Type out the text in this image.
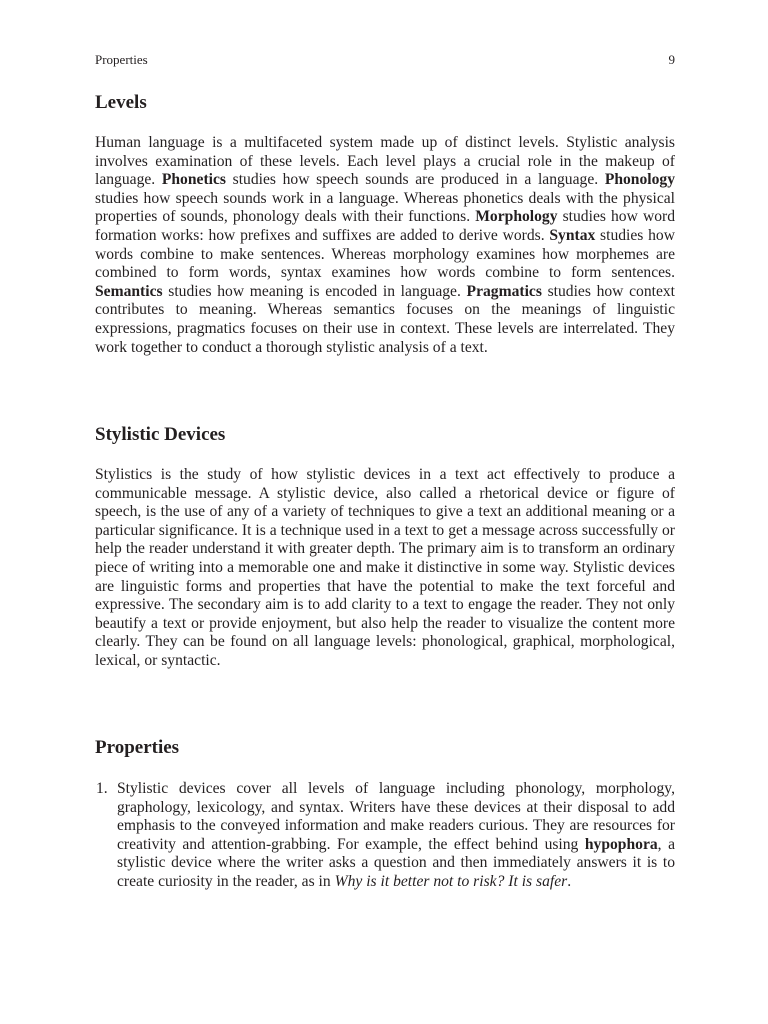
Properties	9
Levels

Human language is a multifaceted system made up of distinct levels. Stylistic analysis involves examination of these levels. Each level plays a crucial role in the makeup of language. Phonetics studies how speech sounds are produced in a language. Phonology studies how speech sounds work in a language. Whereas phonetics deals with the physical properties of sounds, phonology deals with their functions. Morphology studies how word formation works: how prefixes and suffixes are added to derive words. Syntax studies how words combine to make sentences. Whereas morphology examines how morphemes are combined to form words, syntax examines how words combine to form sentences. Semantics studies how meaning is encoded in language. Pragmatics studies how context contributes to meaning. Whereas semantics focuses on the meanings of linguistic expressions, pragmatics focuses on their use in context. These levels are interrelated. They work together to conduct a thorough stylistic analysis of a text.

Stylistic Devices

Stylistics is the study of how stylistic devices in a text act effectively to produce a communicable message. A stylistic device, also called a rhetorical device or figure of speech, is the use of any of a variety of techniques to give a text an additional meaning or a particular significance. It is a technique used in a text to get a message across successfully or help the reader understand it with greater depth. The primary aim is to transform an ordinary piece of writing into a memorable one and make it distinctive in some way. Stylistic devices are linguistic forms and properties that have the potential to make the text forceful and expressive. The secondary aim is to add clarity to a text to engage the reader. They not only beautify a text or provide enjoyment, but also help the reader to visualize the content more clearly. They can be found on all language levels: phonological, graphical, morphological, lexical, or syntactic.

Properties
1. Stylistic devices cover all levels of language including phonology, morphology, graphology, lexicology, and syntax. Writers have these devices at their disposal to add emphasis to the conveyed information and make readers curious. They are resources for creativity and attention-grabbing. For example, the effect behind using hypophora, a stylistic device where the writer asks a question and then immediately answers it is to create curiosity in the reader, as in Why is it better not to risk? It is safer.
